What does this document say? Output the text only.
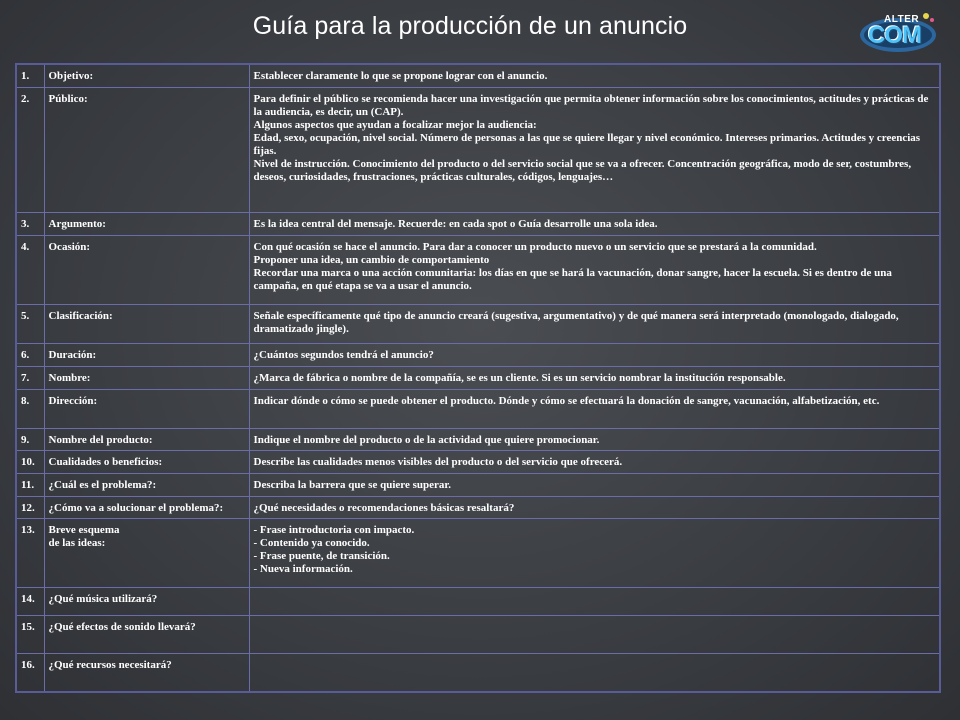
Guía para la producción de un anuncio	ALTER
COM
1.	Objetivo:	Establecer claramente lo que se propone lograr con el anuncio.

2.	Público:	Para definir el público se recomienda hacer una investigación que permita obtener información sobre los conocimientos, actitudes y prácticas de la audiencia, es decir, un (CAP).
Algunos aspectos que ayudan a focalizar mejor la audiencia:
Edad, sexo, ocupación, nivel social. Número de personas a las que se quiere llegar y nivel económico. Intereses primarios. Actitudes y creencias fijas.
Nivel de instrucción. Conocimiento del producto o del servicio social que se va a ofrecer. Concentración geográfica, modo de ser, costumbres, deseos, curiosidades, frustraciones, prácticas culturales, códigos, lenguajes…

3.	Argumento:	Es la idea central del mensaje. Recuerde: en cada spot o Guía desarrolle una sola idea.

4.	Ocasión:	Con qué ocasión se hace el anuncio. Para dar a conocer un producto nuevo o un servicio que se prestará a la comunidad.
Proponer una idea, un cambio de comportamiento
Recordar una marca o una acción comunitaria: los días en que se hará la vacunación, donar sangre, hacer la escuela. Si es dentro de una campaña, en qué etapa se va a usar el anuncio.

5.	Clasificación:	Señale específicamente qué tipo de anuncio creará (sugestiva, argumentativo) y de qué manera será interpretado (monologado, dialogado, dramatizado jingle).

6.	Duración:	¿Cuántos segundos tendrá el anuncio?

7.	Nombre:	¿Marca de fábrica o nombre de la compañía, se es un cliente. Si es un servicio nombrar la institución responsable.

8.	Dirección:	Indicar dónde o cómo se puede obtener el producto. Dónde y cómo se efectuará la donación de sangre, vacunación, alfabetización, etc.

9.	Nombre del producto:	Indique el nombre del producto o de la actividad que quiere promocionar.

10.	Cualidades o beneficios:	Describe las cualidades menos visibles del producto o del servicio que ofrecerá.

11.	¿Cuál es el problema?:	Describa la barrera que se quiere superar.

12.	¿Cómo va a solucionar el problema?:	¿Qué necesidades o recomendaciones básicas resaltará?

13.	Breve esquema
de las ideas:	- Frase introductoria con impacto.
- Contenido ya conocido.
- Frase puente, de transición.
- Nueva información.

14.	¿Qué música utilizará?	
15.	¿Qué efectos de sonido llevará?	
16.	¿Qué recursos necesitará?	
